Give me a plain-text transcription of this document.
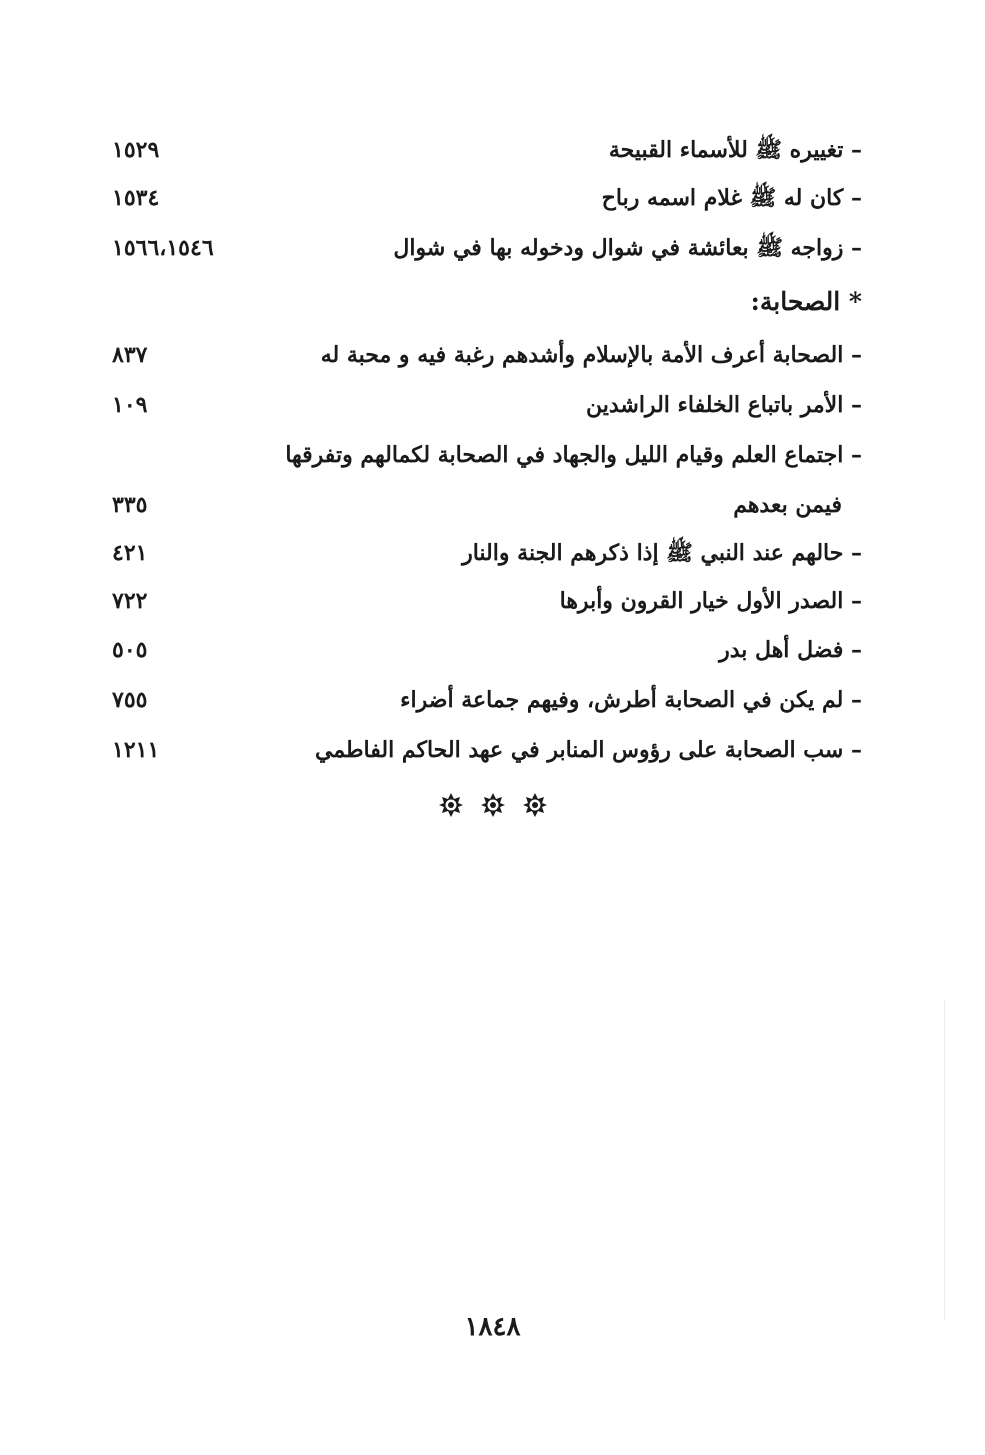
– تغييره ﷺ للأسماء القبيحة
١٥٢٩
– كان له ﷺ غلام اسمه رباح
١٥٣٤
– زواجه ﷺ بعائشة في شوال ودخوله بها في شوال
١٥٦٦،١٥٤٦
* الصحابة:
– الصحابة أعرف الأمة بالإسلام وأشدهم رغبة فيه و محبة له
٨٣٧
– الأمر باتباع الخلفاء الراشدين
١٠٩
– اجتماع العلم وقيام الليل والجهاد في الصحابة لكمالهم وتفرقها
فيمن بعدهم
٣٣٥
– حالهم عند النبي ﷺ إذا ذكرهم الجنة والنار
٤٢١
– الصدر الأول خيار القرون وأبرها
٧٢٢
– فضل أهل بدر
٥٠٥
– لم يكن في الصحابة أطرش، وفيهم جماعة أضراء
٧٥٥
– سب الصحابة على رؤوس المنابر في عهد الحاكم الفاطمي
١٢١١
١٨٤٨
